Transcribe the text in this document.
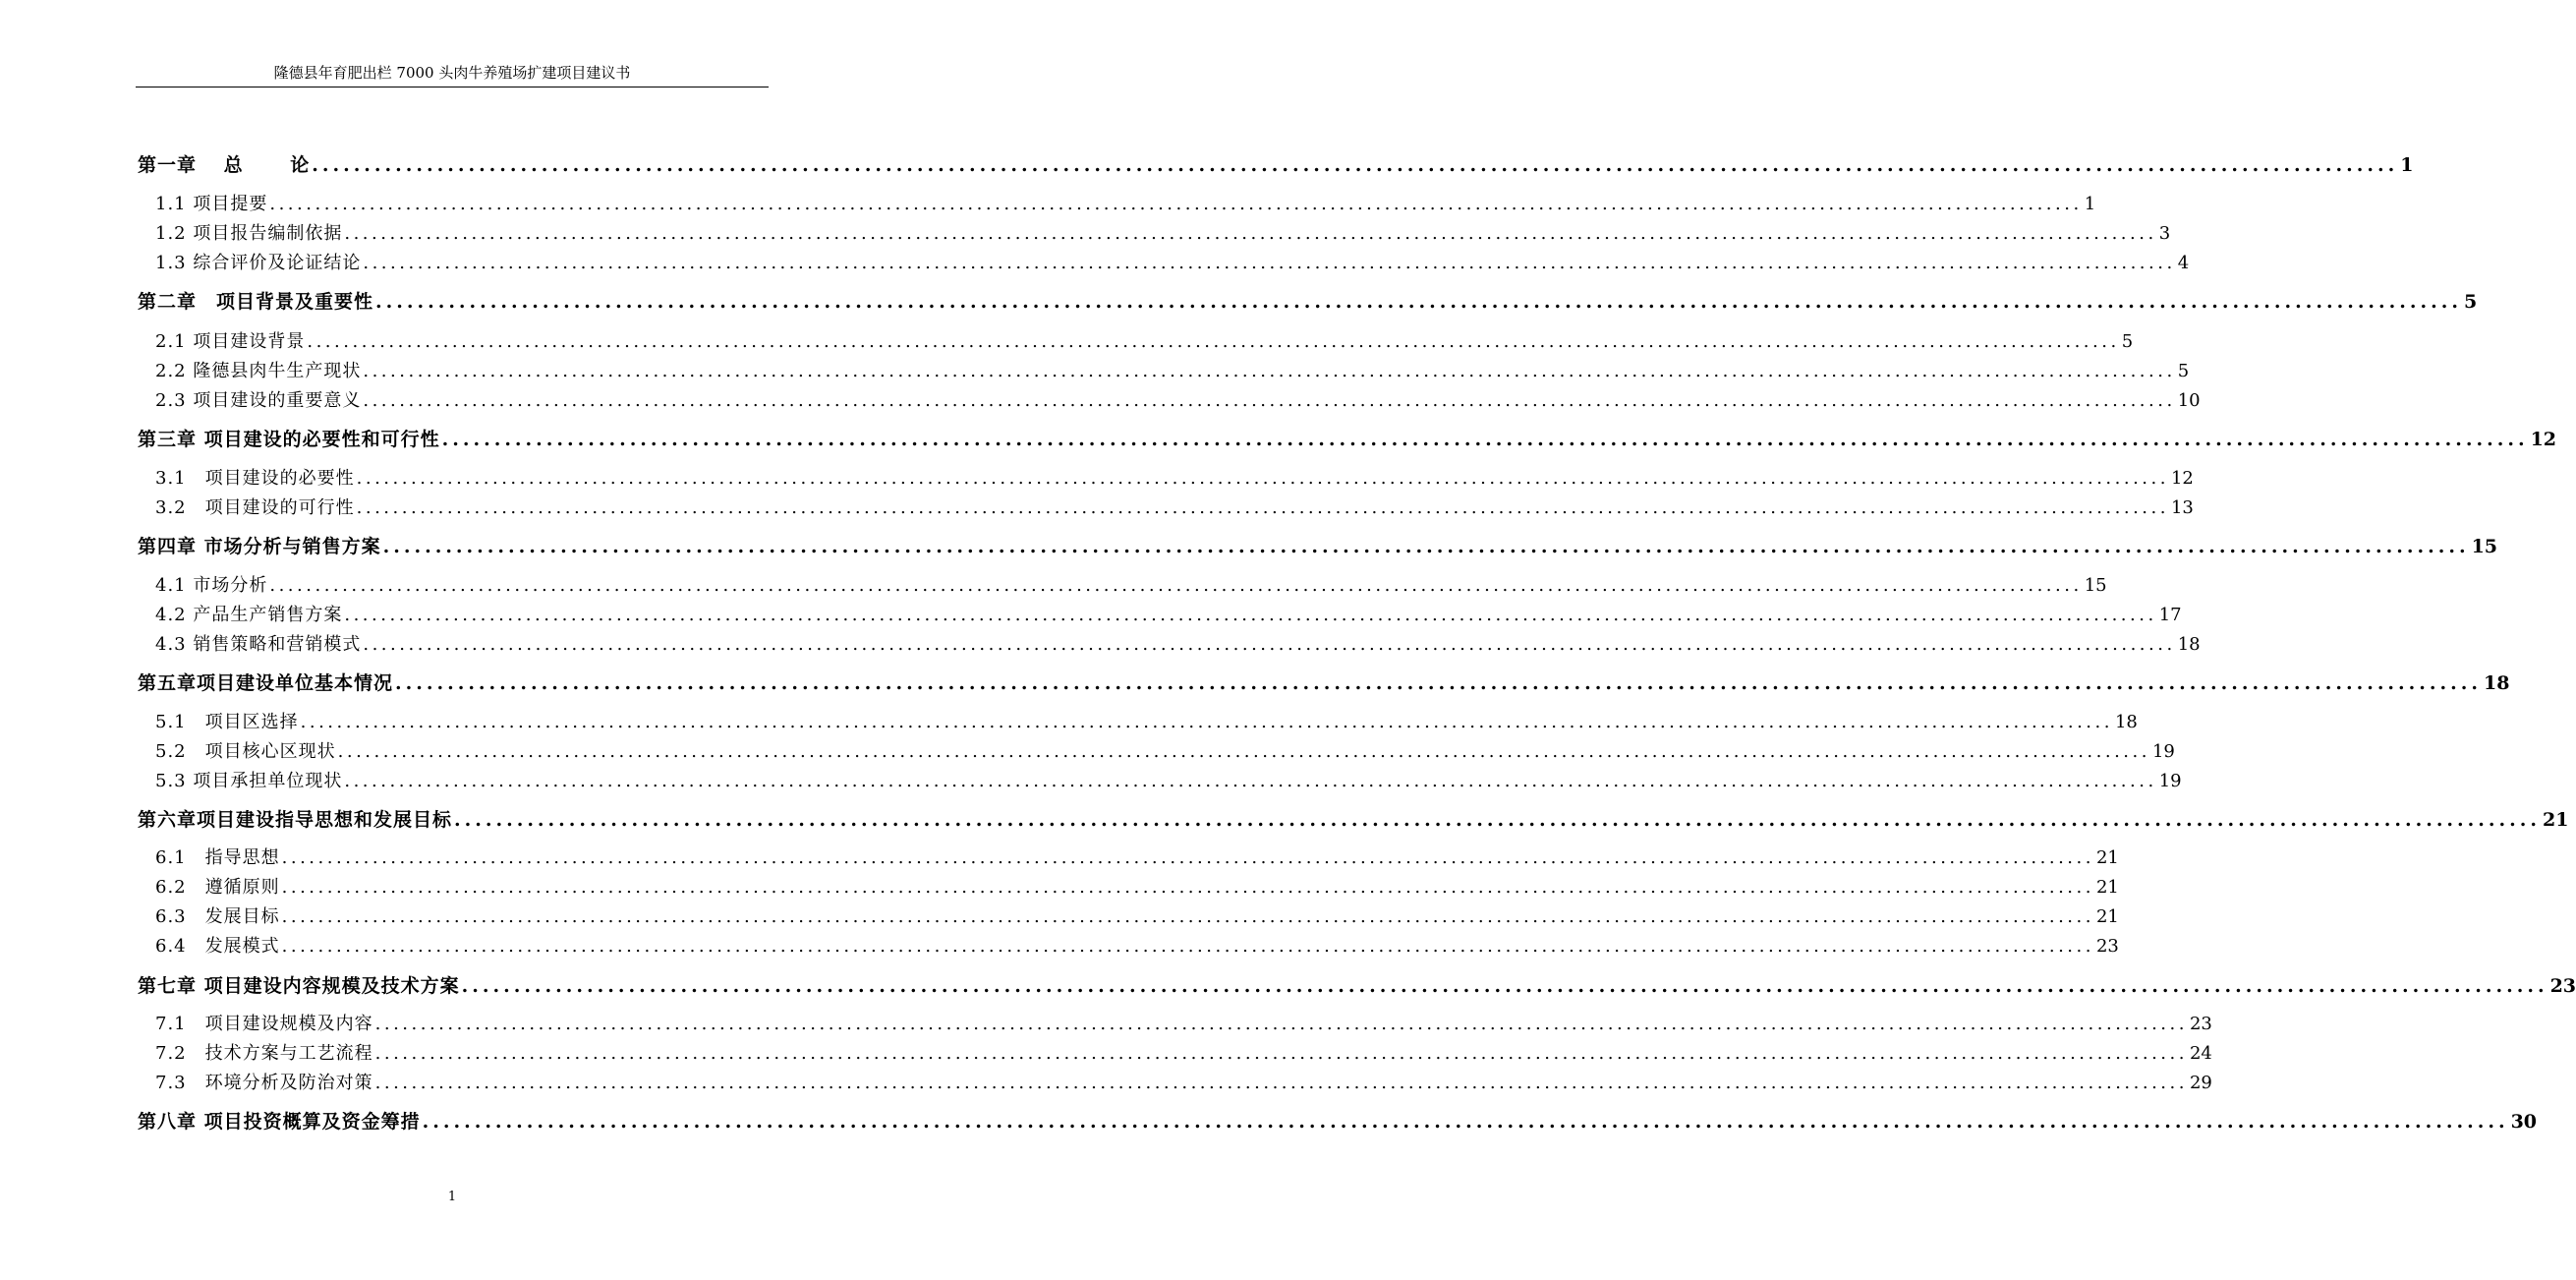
隆德县年育肥出栏 7000 头肉牛养殖场扩建项目建议书
第一章　 总　　 论 ........................................................................................................................................................................................................ 1
1.1 项目提要 ........................................................................................................................................................................................................ 1
1.2 项目报告编制依据 ........................................................................................................................................................................................................ 3
1.3 综合评价及论证结论 ........................................................................................................................................................................................................ 4
第二章　项目背景及重要性 ........................................................................................................................................................................................................ 5
2.1 项目建设背景 ........................................................................................................................................................................................................ 5
2.2 隆德县肉牛生产现状 ........................................................................................................................................................................................................ 5
2.3 项目建设的重要意义 ........................................................................................................................................................................................................ 10
第三章 项目建设的必要性和可行性 ........................................................................................................................................................................................................ 12
3.1　项目建设的必要性 ........................................................................................................................................................................................................ 12
3.2　项目建设的可行性 ........................................................................................................................................................................................................ 13
第四章 市场分析与销售方案 ........................................................................................................................................................................................................ 15
4.1 市场分析 ........................................................................................................................................................................................................ 15
4.2 产品生产销售方案 ........................................................................................................................................................................................................ 17
4.3 销售策略和营销模式 ........................................................................................................................................................................................................ 18
第五章项目建设单位基本情况 ........................................................................................................................................................................................................ 18
5.1　项目区选择 ........................................................................................................................................................................................................ 18
5.2　项目核心区现状 ........................................................................................................................................................................................................ 19
5.3 项目承担单位现状 ........................................................................................................................................................................................................ 19
第六章项目建设指导思想和发展目标 ........................................................................................................................................................................................................ 21
6.1　指导思想 ........................................................................................................................................................................................................ 21
6.2　遵循原则 ........................................................................................................................................................................................................ 21
6.3　发展目标 ........................................................................................................................................................................................................ 21
6.4　发展模式 ........................................................................................................................................................................................................ 23
第七章 项目建设内容规模及技术方案 ........................................................................................................................................................................................................ 23
7.1　项目建设规模及内容 ........................................................................................................................................................................................................ 23
7.2　技术方案与工艺流程 ........................................................................................................................................................................................................ 24
7.3　环境分析及防治对策 ........................................................................................................................................................................................................ 29
第八章 项目投资概算及资金筹措 ........................................................................................................................................................................................................ 30
1
